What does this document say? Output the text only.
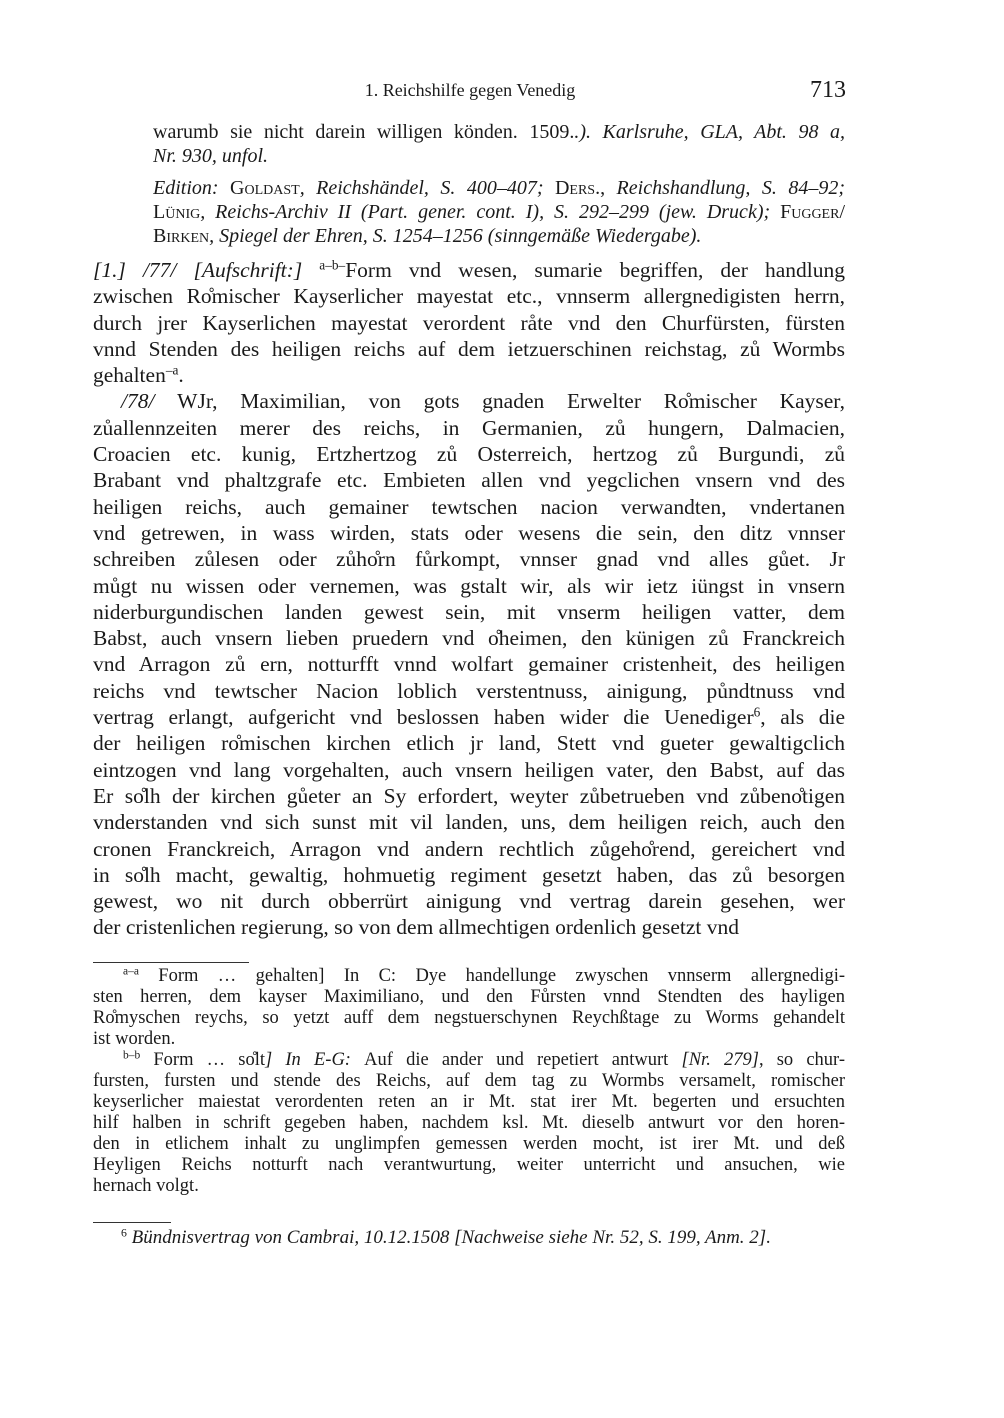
1. Reichshilfe gegen Venedig	713
warumb sie nicht darein willigen könden. 1509..). Karlsruhe, GLA, Abt. 98 a,
Nr. 930, unfol.
Edition: Goldast, Reichshändel, S. 400–407; Ders., Reichshandlung, S. 84–92;
Lünig, Reichs-Archiv II (Part. gener. cont. I), S. 292–299 (jew. Druck); Fugger/
Birken, Spiegel der Ehren, S. 1254–1256 (sinngemäße Wiedergabe).
[1.] /77/ [Aufschrift:] $^{a-b-}$Form vnd wesen, sumarie begriffen, der handlung
zwischen Ro̊mischer Kayserlicher mayestat etc., vnnserm allergnedigisten herrn,
durch jrer Kayserlichen mayestat verordent råte vnd den Churfürsten, fürsten
vnnd Stenden des heiligen reichs auf dem ietzuerschinen reichstag, zů Wormbs
gehalten$^{-a}$.
/78/ WJr, Maximilian, von gots gnaden Erwelter Ro̊mischer Kayser,
zůallennzeiten merer des reichs, in Germanien, zů hungern, Dalmacien,
Croacien etc. kunig, Ertzhertzog zů Osterreich, hertzog zů Burgundi, zů
Brabant vnd phaltzgrafe etc. Embieten allen vnd yegclichen vnsern vnd des
heiligen reichs, auch gemainer tewtschen nacion verwandten, vndertanen
vnd getrewen, in wass wirden, stats oder wesens die sein, den ditz vnnser
schreiben zůlesen oder zůho̊rn fůrkompt, vnnser gnad vnd alles gůet. Jr
můgt nu wissen oder vernemen, was gstalt wir, als wir ietz iüngst in vnsern
niderburgundischen landen gewest sein, mit vnserm heiligen vatter, dem
Babst, auch vnsern lieben pruedern vnd o̊heimen, den künigen zů Franckreich
vnd Arragon zů ern, notturfft vnnd wolfart gemainer cristenheit, des heiligen
reichs vnd tewtscher Nacion loblich verstentnuss, ainigung, půndtnuss vnd
vertrag erlangt, aufgericht vnd beslossen haben wider die Uenediger$^6$, als die
der heiligen ro̊mischen kirchen etlich jr land, Stett vnd gueter gewaltigclich
eintzogen vnd lang vorgehalten, auch vnsern heiligen vater, den Babst, auf das
Er so̊lh der kirchen gůeter an Sy erfordert, weyter zůbetrueben vnd zůbeno̊tigen
vnderstanden vnd sich sunst mit vil landen, uns, dem heiligen reich, auch den
cronen Franckreich, Arragon vnd andern rechtlich zůgeho̊rend, gereichert vnd
in so̊lh macht, gewaltig, hohmuetig regiment gesetzt haben, das zů besorgen
gewest, wo nit durch obberrürt ainigung vnd vertrag darein gesehen, wer
der cristenlichen regierung, so von dem allmechtigen ordenlich gesetzt vnd
$^{a-a}$ Form … gehalten] In C: Dye handellunge zwyschen vnnserm allergnedigi-
sten herren, dem kayser Maximiliano, und den Fůrsten vnnd Stendten des hayligen
Ro̊myschen reychs, so yetzt auff dem negstuerschynen Reychßtage zu Worms gehandelt
ist worden.
$^{b-b}$ Form … so̊lt] In E-G: Auf die ander und repetiert antwurt [Nr. 279], so chur-
fursten, fursten und stende des Reichs, auf dem tag zu Wormbs versamelt, romischer
keyserlicher maiestat verordenten reten an ir Mt. stat irer Mt. begerten und ersuchten
hilf halben in schrift gegeben haben, nachdem ksl. Mt. dieselb antwurt vor den horen-
den in etlichem inhalt zu unglimpfen gemessen werden mocht, ist irer Mt. und deß
Heyligen Reichs notturft nach verantwurtung, weiter unterricht und ansuchen, wie
hernach volgt.
$^6$ Bündnisvertrag von Cambrai, 10.12.1508 [Nachweise siehe Nr. 52, S. 199, Anm. 2].
